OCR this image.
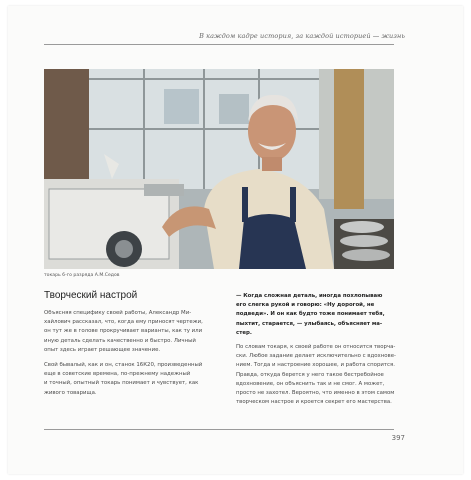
В каждом кадре история, за каждой историей — жизнь
токарь 6-го разряда А.М.Седов
Творческий настрой
Объясняя специфику своей работы, Александр Ми-
хайлович рассказал, что, когда ему приносят чертежи,
он тут же в голове прокручивает варианты, как ту или
иную деталь сделать качественно и быстро. Личный
опыт здесь играет решающее значение.
Свой бывалый, как и он, станок 16К20, произведенный
еще в советские времена, по-прежнему надежный
и точный, опытный токарь понимает и чувствует, как
живого товарища.
— Когда сложная деталь, иногда похлопываю
его слегка рукой и говорю: «Ну дорогой, не
подведи». И он как будто тоже понимает тебя,
пыхтит, старается, — улыбаясь, объясняет ма-
стер.
По словам токаря, к своей работе он относится творча-
ски. Любое задание делает исключительно с вдохнове-
нием. Тогда и настроение хорошее, и работа спорится.
Правда, откуда берется у него такое бестребойное
вдохновение, он объяснить так и не смог. А может,
просто не захотел. Вероятно, что именно в этом самом
творческом настрое и кроется секрет его мастерства.
397
